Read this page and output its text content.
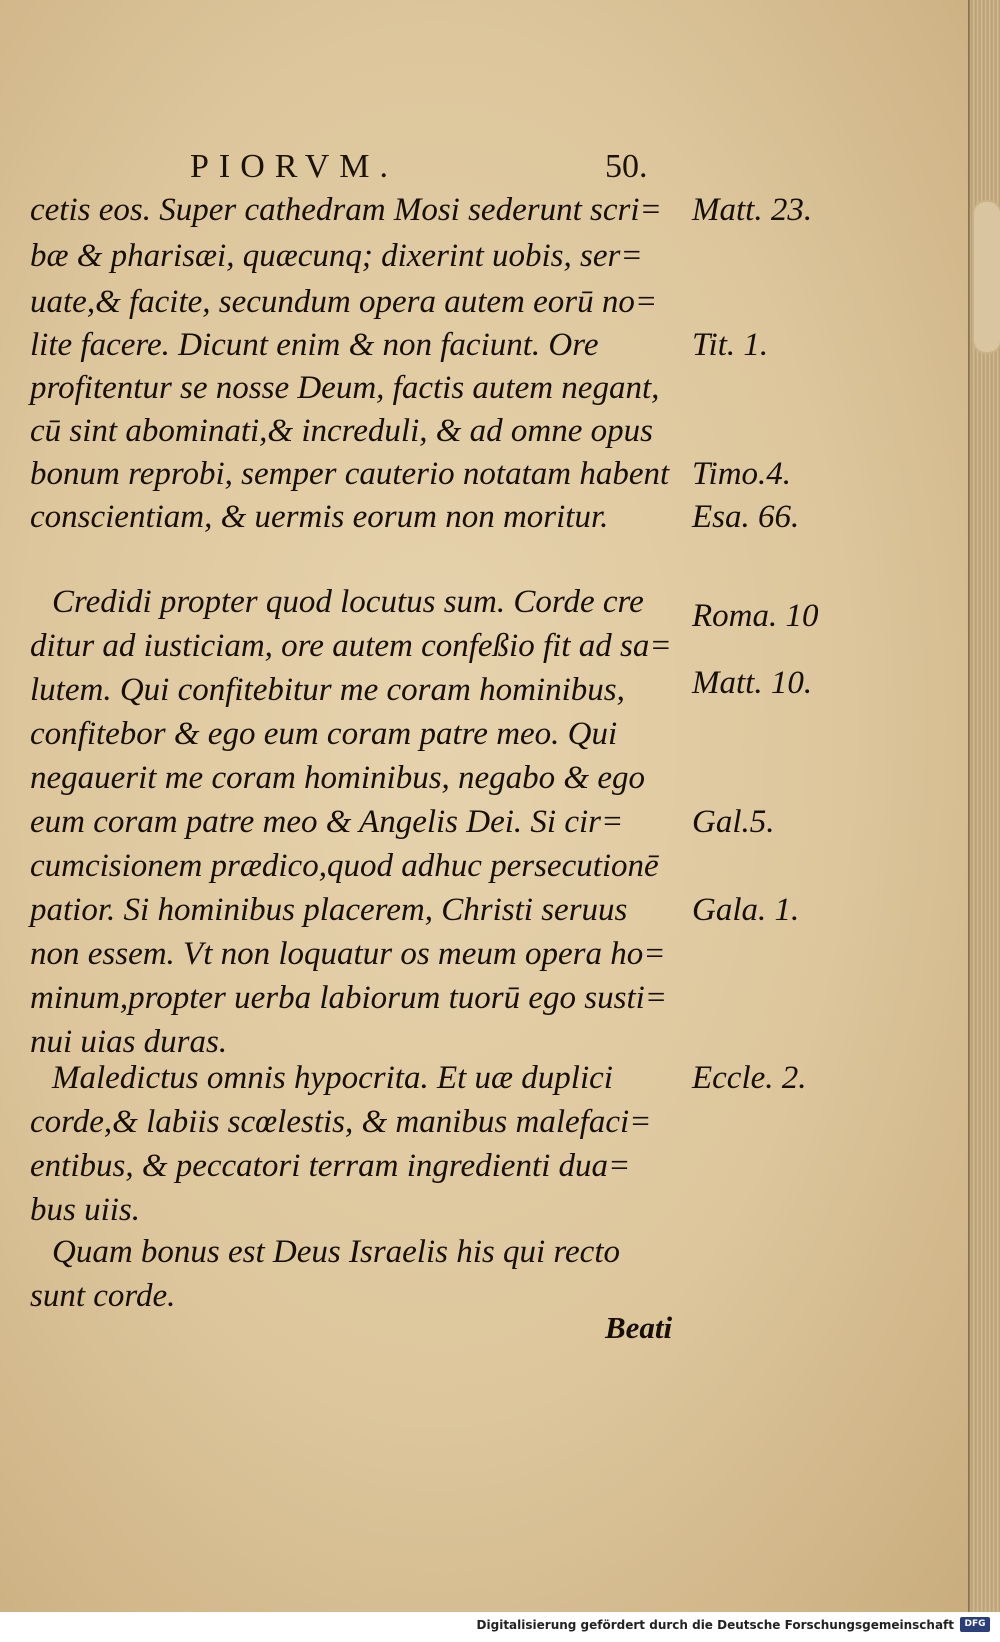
PIORVM.	50.
cetis eos. Super cathedram Mosi sederunt scri=
bæ & pharisæi, quæcunq; dixerint uobis, ser=
uate,& facite, secundum opera autem eorū no=
lite facere. Dicunt enim & non faciunt. Ore
profitentur se nosse Deum, factis autem negant,
cū sint abominati,& increduli, & ad omne opus
bonum reprobi, semper cauterio notatam habent
conscientiam, & uermis eorum non moritur.
Credidi propter quod locutus sum. Corde cre
ditur ad iusticiam, ore autem confeßio fit ad sa=
lutem. Qui confitebitur me coram hominibus,
confitebor & ego eum coram patre meo. Qui
negauerit me coram hominibus, negabo & ego
eum coram patre meo & Angelis Dei. Si cir=
cumcisionem prædico,quod adhuc persecutionē
patior. Si hominibus placerem, Christi seruus
non essem. Vt non loquatur os meum opera ho=
minum,propter uerba labiorum tuorū ego susti=
nui uias duras.
Maledictus omnis hypocrita. Et uæ duplici
corde,& labiis scœlestis, & manibus malefaci=
entibus, & peccatori terram ingredienti dua=
bus uiis.
Quam bonus est Deus Israelis his qui recto
sunt corde.
Matt. 23.
Tit. 1.
Timo.4.
Esa. 66.
Roma. 10
Matt. 10.
Gal.5.
Gala. 1.
Eccle. 2.
Beati
Digitalisierung gefördert durch die Deutsche Forschungsgemeinschaft	DFG
